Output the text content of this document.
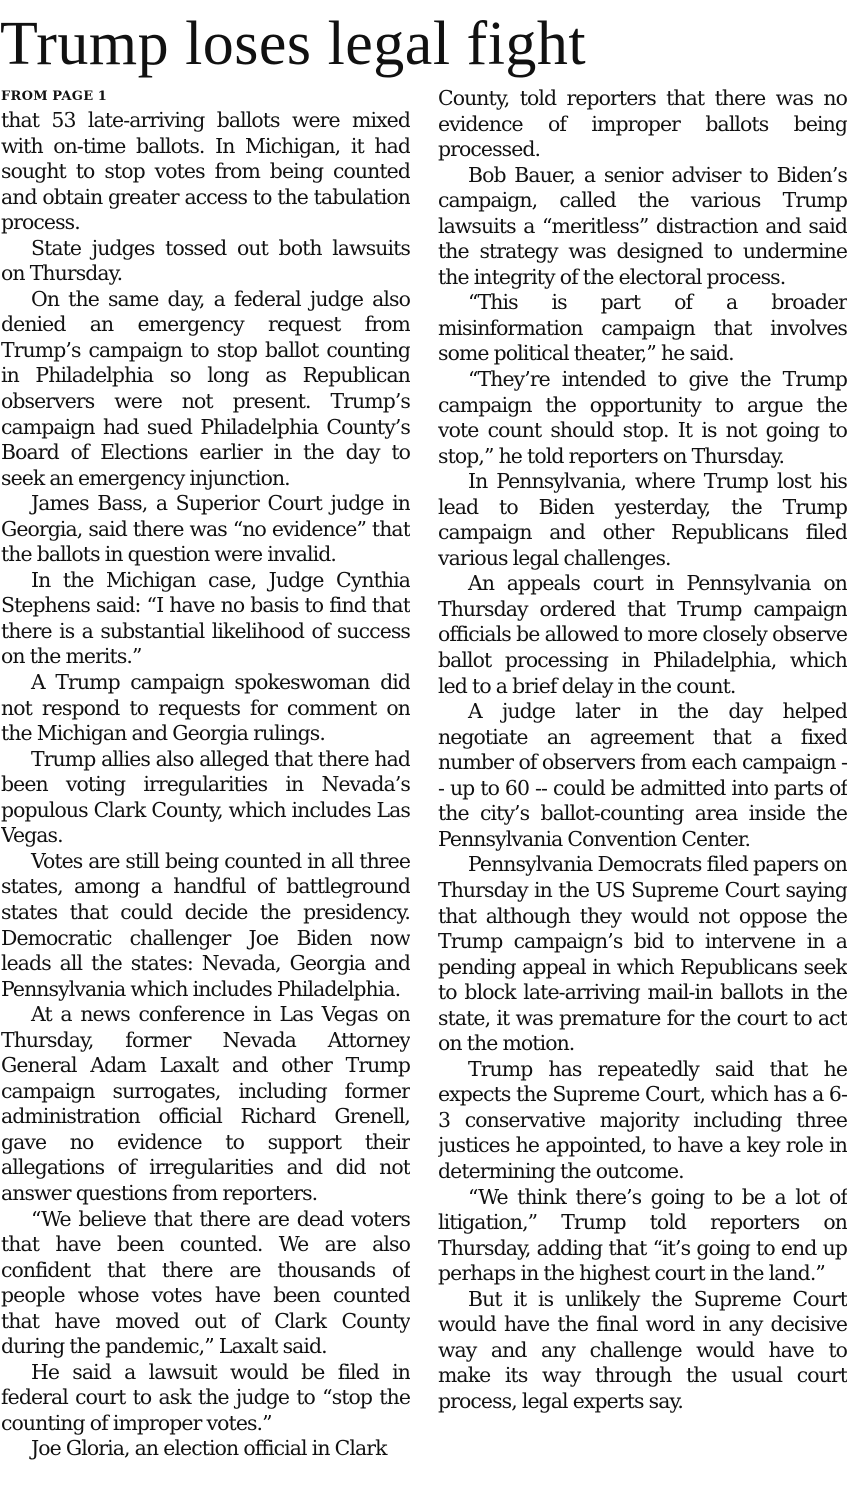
Trump loses legal fight
FROM PAGE 1

that 53 late-arriving ballots were mixed with on-time ballots. In Michigan, it had sought to stop votes from being counted and obtain greater access to the tabulation process.

State judges tossed out both lawsuits on Thursday.

On the same day, a federal judge also denied an emergency request from Trump’s campaign to stop ballot counting in Philadelphia so long as Republican observers were not present. Trump’s campaign had sued Philadelphia County’s Board of Elections earlier in the day to seek an emergency injunction.

James Bass, a Superior Court judge in Georgia, said there was “no evidence” that the ballots in question were invalid.

In the Michigan case, Judge Cynthia Stephens said: “I have no basis to find that there is a substantial likelihood of success on the merits.”

A Trump campaign spokeswoman did not respond to requests for comment on the Michigan and Georgia rulings.

Trump allies also alleged that there had been voting irregularities in Nevada’s populous Clark County, which includes Las Vegas.

Votes are still being counted in all three states, among a handful of battleground states that could decide the presidency. Democratic challenger Joe Biden now leads all the states: Nevada, Georgia and Pennsylvania which includes Philadelphia.

At a news conference in Las Vegas on Thursday, former Nevada Attorney General Adam Laxalt and other Trump campaign surrogates, including former administration official Richard Grenell, gave no evidence to support their allegations of irregularities and did not answer questions from reporters.

“We believe that there are dead voters that have been counted. We are also confident that there are thousands of people whose votes have been counted that have moved out of Clark County during the pandemic,” Laxalt said.

He said a lawsuit would be filed in federal court to ask the judge to “stop the counting of improper votes.”

Joe Gloria, an election official in Clark

County, told reporters that there was no evidence of improper ballots being processed.

Bob Bauer, a senior adviser to Biden’s campaign, called the various Trump lawsuits a “meritless” distraction and said the strategy was designed to undermine the integrity of the electoral process.

“This is part of a broader misinformation campaign that involves some political theater,” he said.

“They’re intended to give the Trump campaign the opportunity to argue the vote count should stop. It is not going to stop,” he told reporters on Thursday.

In Pennsylvania, where Trump lost his lead to Biden yesterday, the Trump campaign and other Republicans filed various legal challenges.

An appeals court in Pennsylvania on Thursday ordered that Trump campaign officials be allowed to more closely observe ballot processing in Philadelphia, which led to a brief delay in the count.

A judge later in the day helped negotiate an agreement that a fixed number of observers from each campaign -- up to 60 -- could be admitted into parts of the city’s ballot-counting area inside the Pennsylvania Convention Center.

Pennsylvania Democrats filed papers on Thursday in the US Supreme Court saying that although they would not oppose the Trump campaign’s bid to intervene in a pending appeal in which Republicans seek to block late-arriving mail-in ballots in the state, it was premature for the court to act on the motion.

Trump has repeatedly said that he expects the Supreme Court, which has a 6-3 conservative majority including three justices he appointed, to have a key role in determining the outcome.

“We think there’s going to be a lot of litigation,” Trump told reporters on Thursday, adding that “it’s going to end up perhaps in the highest court in the land.”

But it is unlikely the Supreme Court would have the final word in any decisive way and any challenge would have to make its way through the usual court process, legal experts say.
